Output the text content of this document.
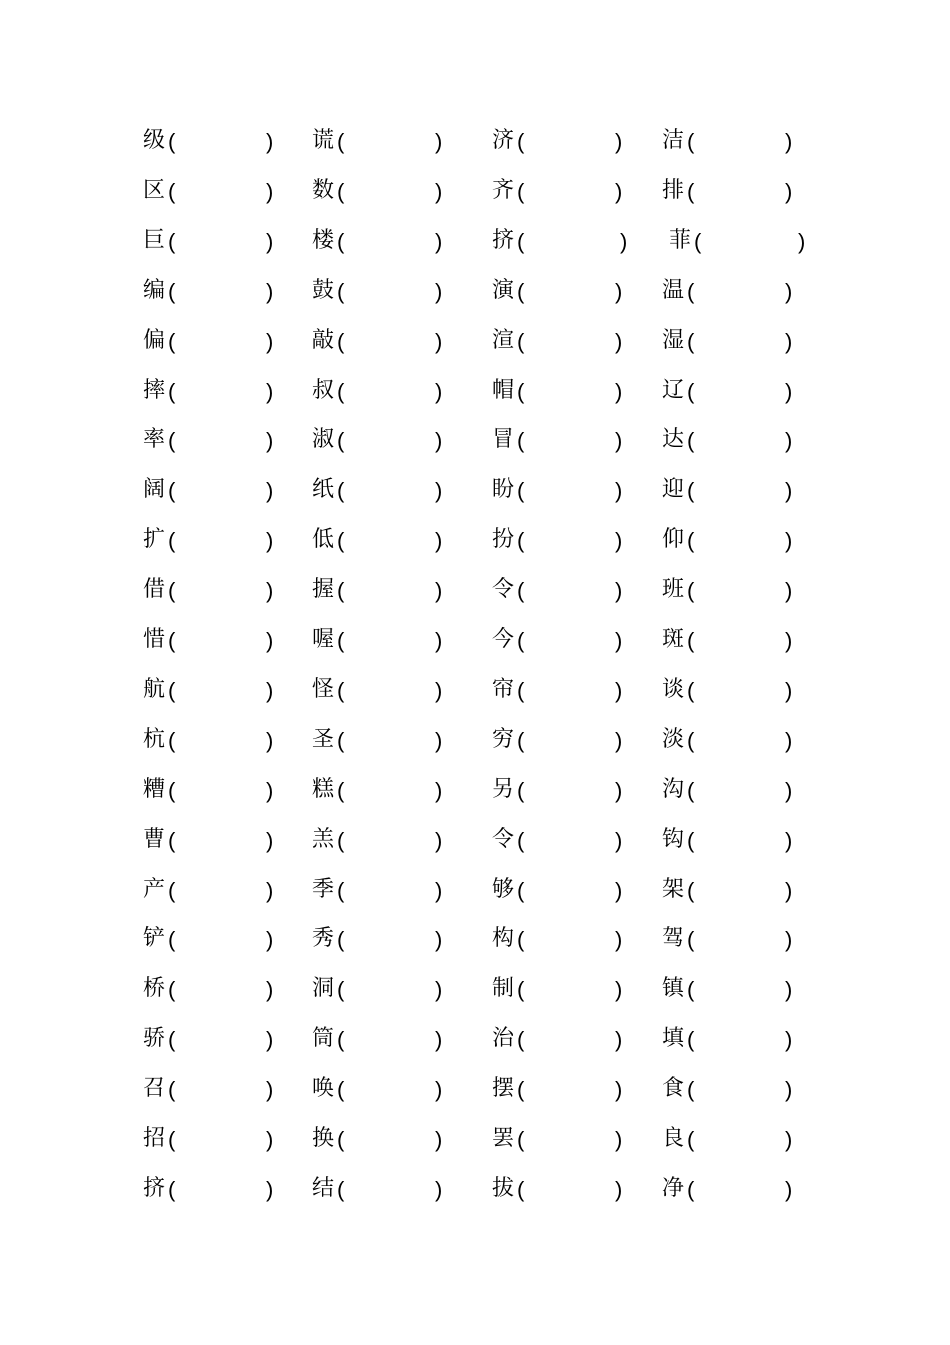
级 (	) 谎 (	) 济 (	) 洁 (	)
区 (	) 数 (	) 齐 (	) 排 (	)
巨 (	) 楼 (	) 挤 (	) 菲 (	)
编 (	) 鼓 (	) 演 (	) 温 (	)
偏 (	) 敲 (	) 渲 (	) 湿 (	)
摔 (	) 叔 (	) 帽 (	) 辽 (	)
率 (	) 淑 (	) 冒 (	) 达 (	)
阔 (	) 纸 (	) 盼 (	) 迎 (	)
扩 (	) 低 (	) 扮 (	) 仰 (	)
借 (	) 握 (	) 令 (	) 班 (	)
惜 (	) 喔 (	) 今 (	) 斑 (	)
航 (	) 怪 (	) 帘 (	) 谈 (	)
杭 (	) 圣 (	) 穷 (	) 淡 (	)
糟 (	) 糕 (	) 另 (	) 沟 (	)
曹 (	) 羔 (	) 令 (	) 钩 (	)
产 (	) 季 (	) 够 (	) 架 (	)
铲 (	) 秀 (	) 构 (	) 驾 (	)
桥 (	) 洞 (	) 制 (	) 镇 (	)
骄 (	) 筒 (	) 治 (	) 填 (	)
召 (	) 唤 (	) 摆 (	) 食 (	)
招 (	) 换 (	) 罢 (	) 良 (	)
挤 (	) 结 (	) 拔 (	) 净 (	)
